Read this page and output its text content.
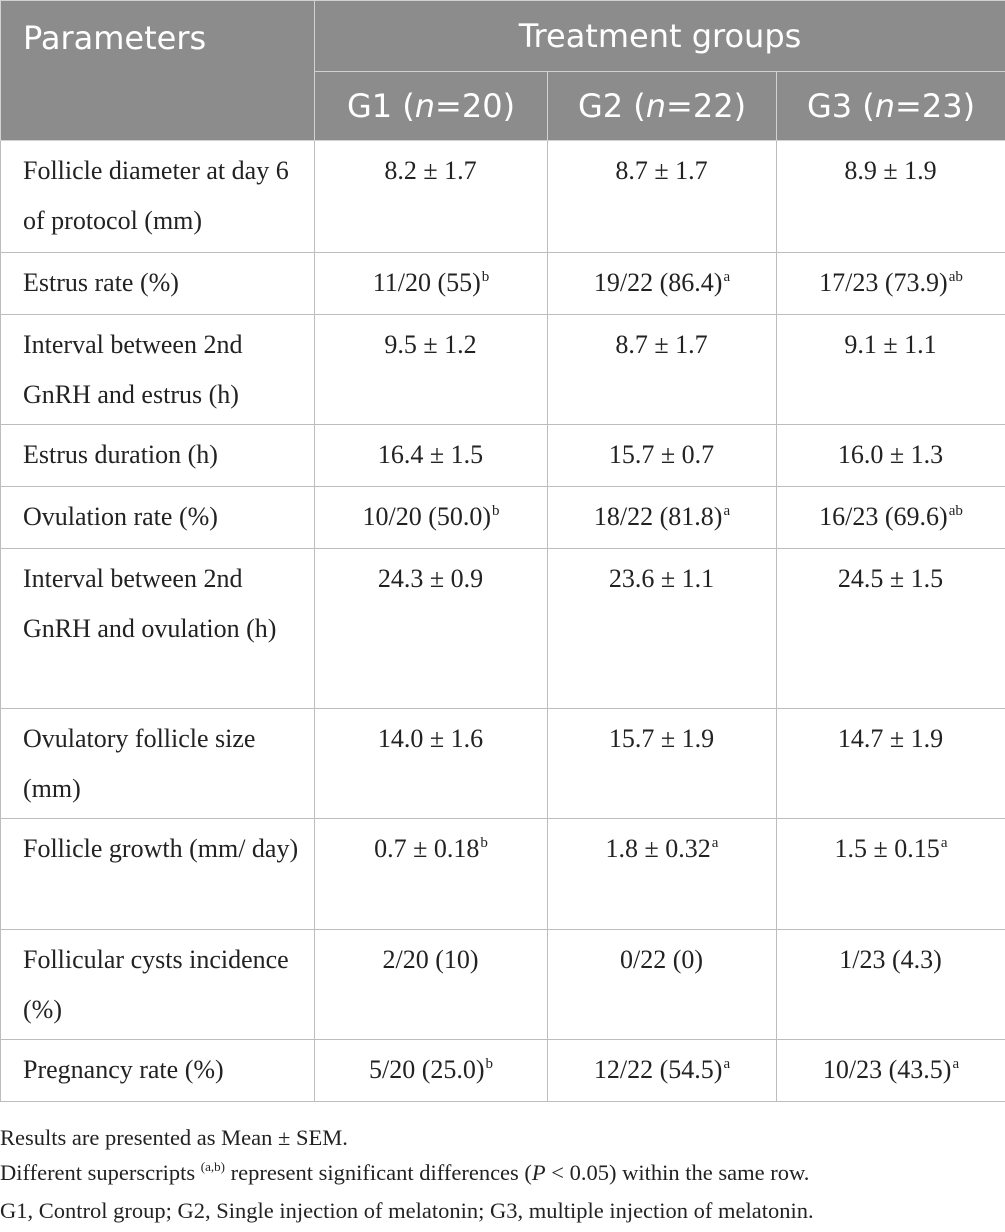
Parameters	Treatment groups		
	G1 (n=20)	G2 (n=22)	G3 (n=23)
Follicle diameter at day 6 of protocol (mm)	8.2 ± 1.7	8.7 ± 1.7	8.9 ± 1.9
Estrus rate (%)	11/20 $(55)^b$	19/22 $(86.4)^a$	17/23 $(73.9)^{ab}$
Interval between 2nd GnRH and estrus (h)	9.5 ± 1.2	8.7 ± 1.7	9.1 ± 1.1
Estrus duration (h)	16.4 ± 1.5	15.7 ± 0.7	16.0 ± 1.3
Ovulation rate (%)	10/20 $(50.0)^b$	18/22 $(81.8)^a$	16/23 $(69.6)^{ab}$
Interval between 2nd GnRH and ovulation (h)	24.3 ± 0.9	23.6 ± 1.1	24.5 ± 1.5
Ovulatory follicle size (mm)	14.0 ± 1.6	15.7 ± 1.9	14.7 ± 1.9
Follicle growth (mm/ day)	0.7 ± 0.18$^b$	1.8 ± 0.32$^a$	1.5 ± 0.15$^a$
Follicular cysts incidence (%)	2/20 (10)	0/22 (0)	1/23 (4.3)
Pregnancy rate (%)	5/20 $(25.0)^b$	12/22 $(54.5)^a$	10/23 $(43.5)^a$

Results are presented as Mean ± SEM.

Different superscripts $^{(a,b)}$ represent significant differences (P < 0.05) within the same row.

G1, Control group; G2, Single injection of melatonin; G3, multiple injection of melatonin.
